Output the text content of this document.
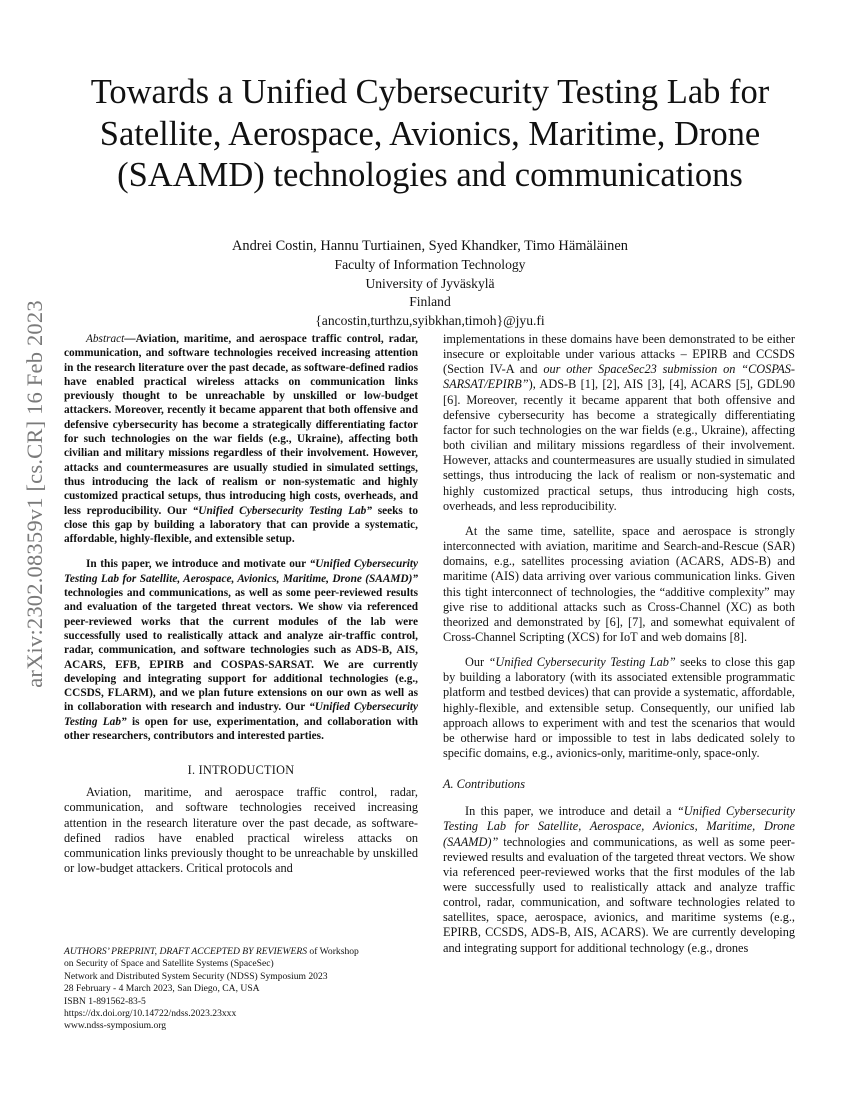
arXiv:2302.08359v1 [cs.CR] 16 Feb 2023
Towards a Unified Cybersecurity Testing Lab for Satellite, Aerospace, Avionics, Maritime, Drone (SAAMD) technologies and communications
Andrei Costin, Hannu Turtiainen, Syed Khandker, Timo Hämäläinen
Faculty of Information Technology
University of Jyväskylä
Finland
{ancostin,turthzu,syibkhan,timoh}@jyu.fi

Abstract—Aviation, maritime, and aerospace traffic control, radar, communication, and software technologies received increasing attention in the research literature over the past decade, as software-defined radios have enabled practical wireless attacks on communication links previously thought to be unreachable by unskilled or low-budget attackers. Moreover, recently it became apparent that both offensive and defensive cybersecurity has become a strategically differentiating factor for such technologies on the war fields (e.g., Ukraine), affecting both civilian and military missions regardless of their involvement. However, attacks and countermeasures are usually studied in simulated settings, thus introducing the lack of realism or non-systematic and highly customized practical setups, thus introducing high costs, overheads, and less reproducibility. Our “Unified Cybersecurity Testing Lab” seeks to close this gap by building a laboratory that can provide a systematic, affordable, highly-flexible, and extensible setup.

In this paper, we introduce and motivate our “Unified Cybersecurity Testing Lab for Satellite, Aerospace, Avionics, Maritime, Drone (SAAMD)” technologies and communications, as well as some peer-reviewed results and evaluation of the targeted threat vectors. We show via referenced peer-reviewed works that the current modules of the lab were successfully used to realistically attack and analyze air-traffic control, radar, communication, and software technologies such as ADS-B, AIS, ACARS, EFB, EPIRB and COSPAS-SARSAT. We are currently developing and integrating support for additional technologies (e.g., CCSDS, FLARM), and we plan future extensions on our own as well as in collaboration with research and industry. Our “Unified Cybersecurity Testing Lab” is open for use, experimentation, and collaboration with other researchers, contributors and interested parties.

I. INTRODUCTION

Aviation, maritime, and aerospace traffic control, radar, communication, and software technologies received increasing attention in the research literature over the past decade, as software-defined radios have enabled practical wireless attacks on communication links previously thought to be unreachable by unskilled or low-budget attackers. Critical protocols and

AUTHORS’ PREPRINT, DRAFT ACCEPTED BY REVIEWERS of Workshop
on Security of Space and Satellite Systems (SpaceSec)
Network and Distributed System Security (NDSS) Symposium 2023
28 February - 4 March 2023, San Diego, CA, USA
ISBN 1-891562-83-5
https://dx.doi.org/10.14722/ndss.2023.23xxx
www.ndss-symposium.org

implementations in these domains have been demonstrated to be either insecure or exploitable under various attacks – EPIRB and CCSDS (Section IV-A and our other SpaceSec23 submission on “COSPAS-SARSAT/EPIRB”), ADS-B [1], [2], AIS [3], [4], ACARS [5], GDL90 [6]. Moreover, recently it became apparent that both offensive and defensive cybersecurity has become a strategically differentiating factor for such technologies on the war fields (e.g., Ukraine), affecting both civilian and military missions regardless of their involvement. However, attacks and countermeasures are usually studied in simulated settings, thus introducing the lack of realism or non-systematic and highly customized practical setups, thus introducing high costs, overheads, and less reproducibility.

At the same time, satellite, space and aerospace is strongly interconnected with aviation, maritime and Search-and-Rescue (SAR) domains, e.g., satellites processing aviation (ACARS, ADS-B) and maritime (AIS) data arriving over various communication links. Given this tight interconnect of technologies, the “additive complexity” may give rise to additional attacks such as Cross-Channel (XC) as both theorized and demonstrated by [6], [7], and somewhat equivalent of Cross-Channel Scripting (XCS) for IoT and web domains [8].

Our “Unified Cybersecurity Testing Lab” seeks to close this gap by building a laboratory (with its associated extensible programmatic platform and testbed devices) that can provide a systematic, affordable, highly-flexible, and extensible setup. Consequently, our unified lab approach allows to experiment with and test the scenarios that would be otherwise hard or impossible to test in labs dedicated solely to specific domains, e.g., avionics-only, maritime-only, space-only.

A. Contributions

In this paper, we introduce and detail a “Unified Cybersecurity Testing Lab for Satellite, Aerospace, Avionics, Maritime, Drone (SAAMD)” technologies and communications, as well as some peer-reviewed results and evaluation of the targeted threat vectors. We show via referenced peer-reviewed works that the first modules of the lab were successfully used to realistically attack and analyze traffic control, radar, communication, and software technologies related to satellites, space, aerospace, avionics, and maritime systems (e.g., EPIRB, CCSDS, ADS-B, AIS, ACARS). We are currently developing and integrating support for additional technology (e.g., drones
